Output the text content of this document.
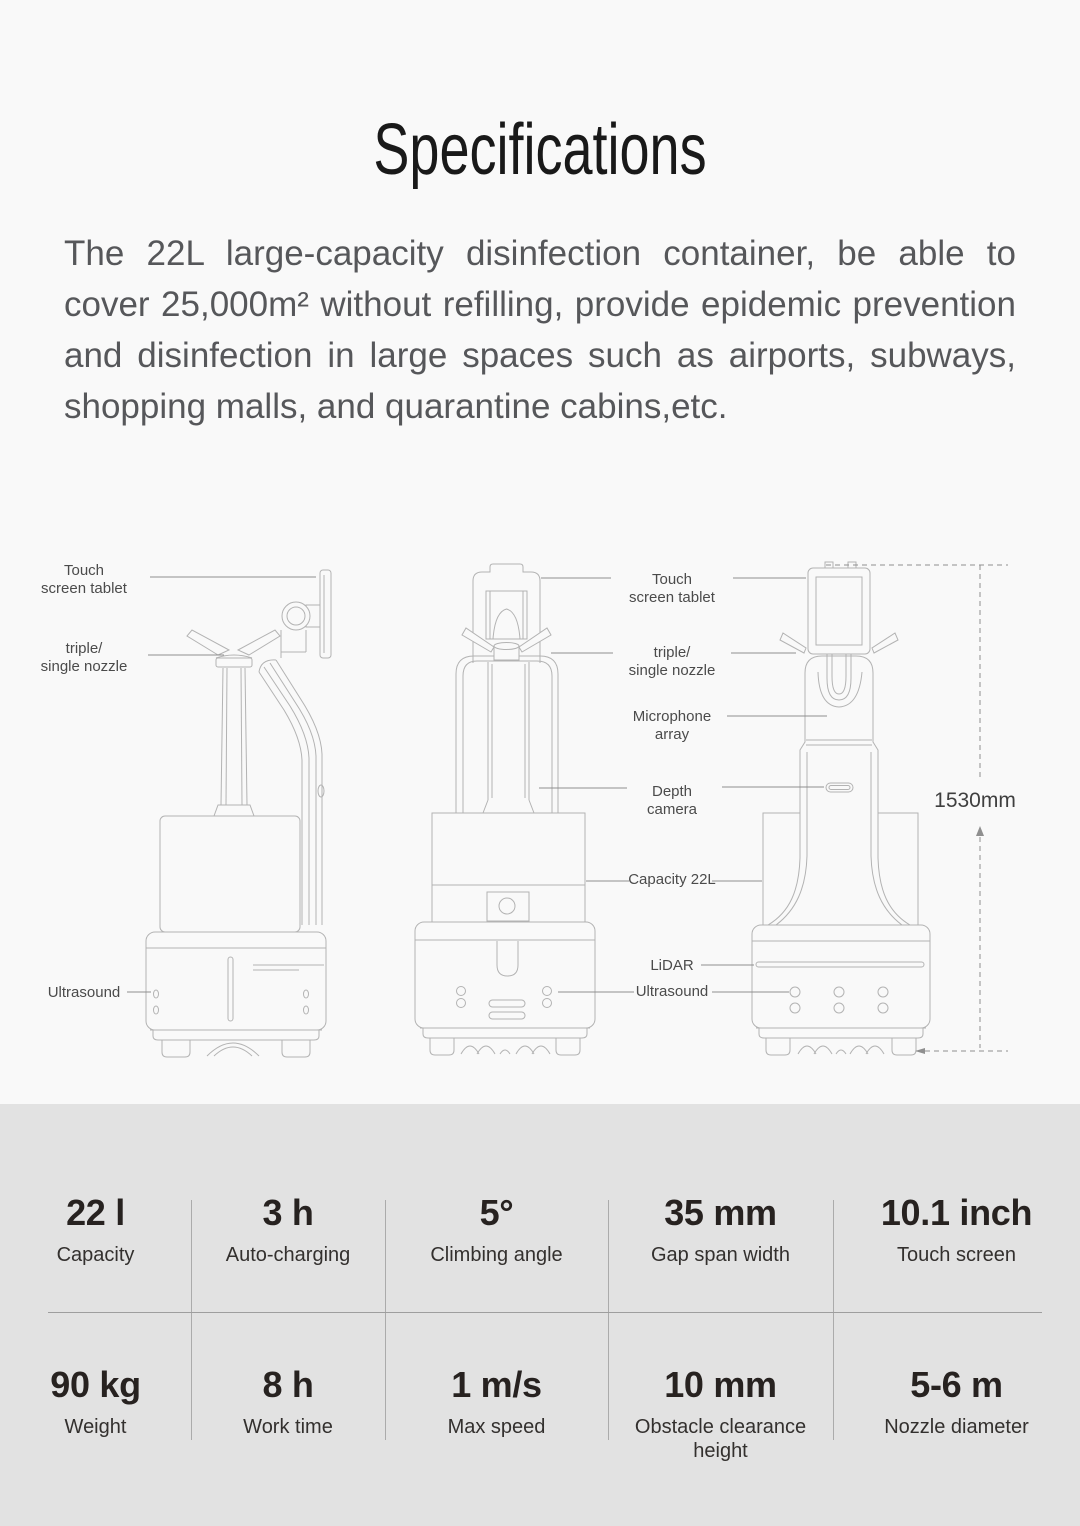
Specifications

The 22L large-capacity disinfection container, be able to cover 25,000m² without refilling, provide epidemic prevention and disinfection in large spaces such as airports, subways, shopping malls, and quarantine cabins,etc.

Touch
screen tablet
triple/
single nozzle
Ultrasound
Touch
screen tablet
triple/
single nozzle
Microphone
array
Depth
camera
Capacity 22L
LiDAR
Ultrasound
1530mm
22 l
Capacity
3 h
Auto-charging
5°
Climbing angle
35 mm
Gap span width
10.1 inch
Touch screen
90 kg
Weight
8 h
Work time
1 m/s
Max speed
10 mm
Obstacle clearance height
5-6 m
Nozzle diameter
